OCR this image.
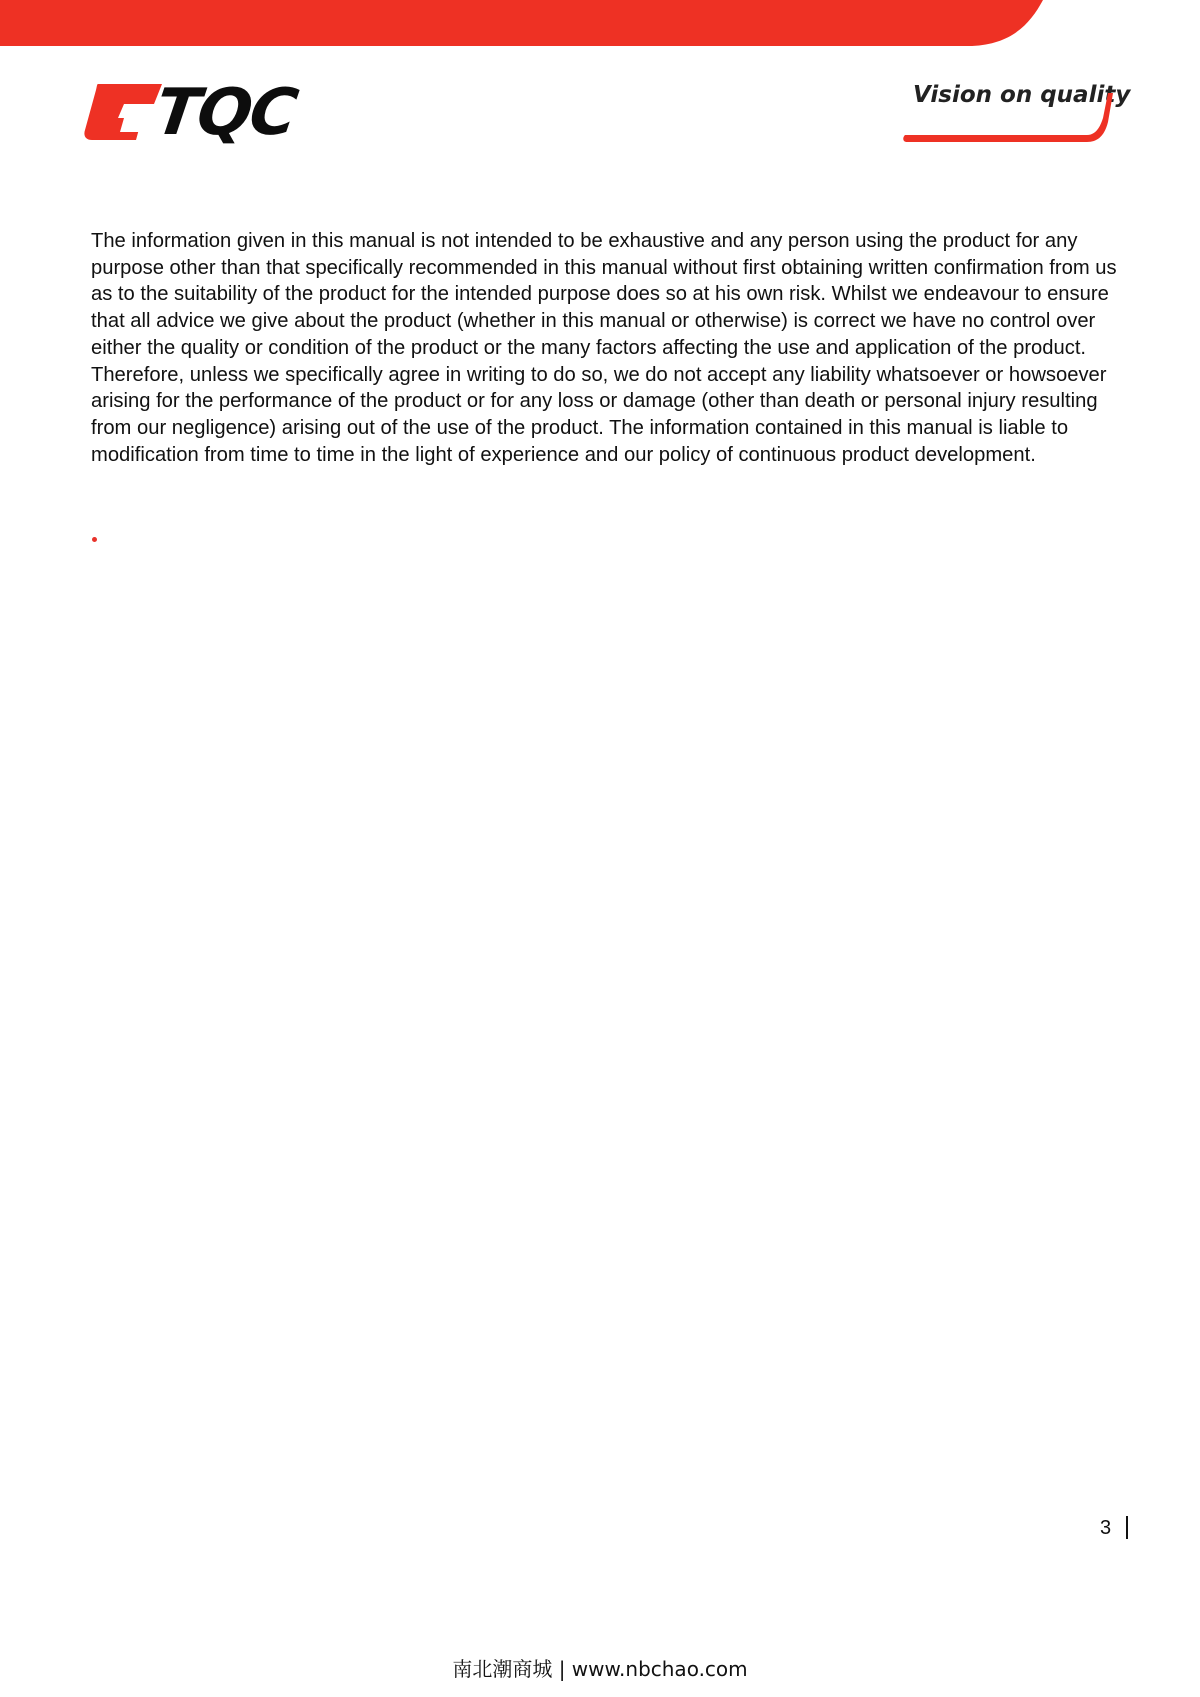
TQC	Vision on quality

The information given in this manual is not intended to be exhaustive and any person using the product for any purpose other than that specifically recommended in this manual without first obtaining written confirmation from us as to the suitability of the product for the intended purpose does so at his own risk. Whilst we endeavour to ensure that all advice we give about the product (whether in this manual or otherwise) is correct we have no control over either the quality or condition of the product or the many factors affecting the use and application of the product. Therefore, unless we specifically agree in writing to do so, we do not accept any liability whatsoever or howsoever arising for the performance of the product or for any loss or damage (other than death or personal injury resulting from our negligence) arising out of the use of the product. The information contained in this manual is liable to modification from time to time in the light of experience and our policy of continuous product development.

3
南北潮商城 | www.nbchao.com
